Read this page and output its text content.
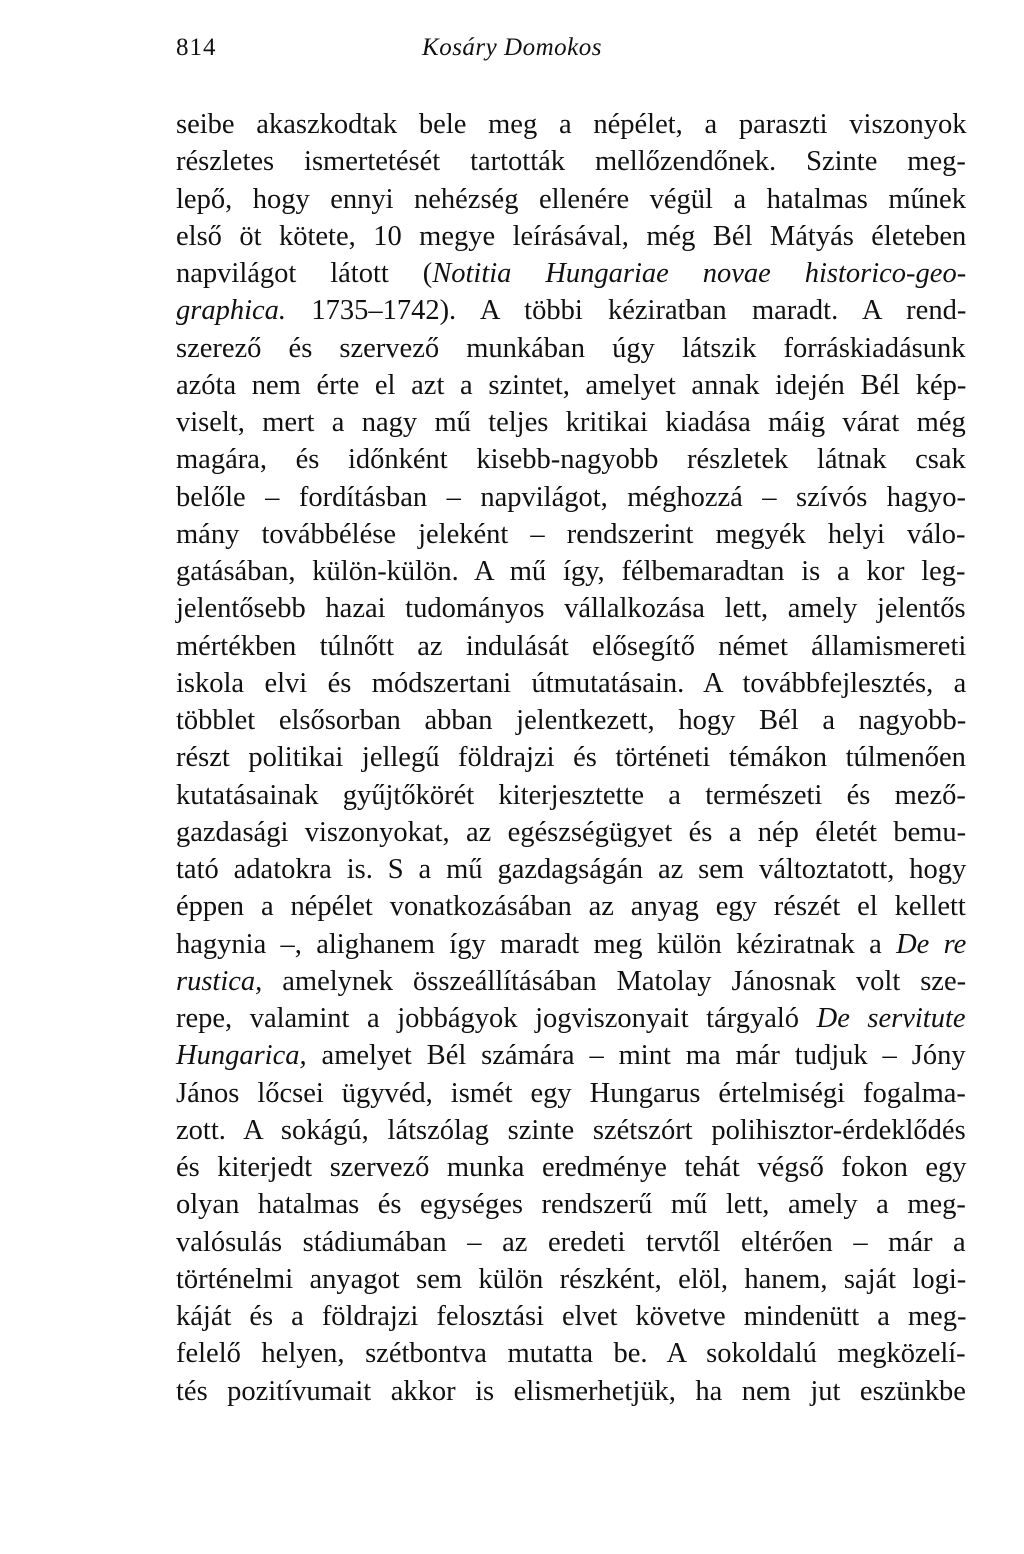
814	Kosáry Domokos
seibe akaszkodtak bele meg a népélet, a paraszti viszonyok
részletes ismertetését tartották mellőzendőnek. Szinte meg-
lepő, hogy ennyi nehézség ellenére végül a hatalmas műnek
első öt kötete, 10 megye leírásával, még Bél Mátyás életeben
napvilágot látott (Notitia Hungariae novae historico-geo-
graphica. 1735–1742). A többi kéziratban maradt. A rend-
szerező és szervező munkában úgy látszik forráskiadásunk
azóta nem érte el azt a szintet, amelyet annak idején Bél kép-
viselt, mert a nagy mű teljes kritikai kiadása máig várat még
magára, és időnként kisebb-nagyobb részletek látnak csak
belőle – fordításban – napvilágot, méghozzá – szívós hagyo-
mány továbbélése jeleként – rendszerint megyék helyi válo-
gatásában, külön-külön. A mű így, félbemaradtan is a kor leg-
jelentősebb hazai tudományos vállalkozása lett, amely jelentős
mértékben túlnőtt az indulását elősegítő német államismereti
iskola elvi és módszertani útmutatásain. A továbbfejlesztés, a
többlet elsősorban abban jelentkezett, hogy Bél a nagyobb-
részt politikai jellegű földrajzi és történeti témákon túlmenően
kutatásainak gyűjtőkörét kiterjesztette a természeti és mező-
gazdasági viszonyokat, az egészségügyet és a nép életét bemu-
tató adatokra is. S a mű gazdagságán az sem változtatott, hogy
éppen a népélet vonatkozásában az anyag egy részét el kellett
hagynia –, alighanem így maradt meg külön kéziratnak a De re
rustica, amelynek összeállításában Matolay Jánosnak volt sze-
repe, valamint a jobbágyok jogviszonyait tárgyaló De servitute
Hungarica, amelyet Bél számára – mint ma már tudjuk – Jóny
János lőcsei ügyvéd, ismét egy Hungarus értelmiségi fogalma-
zott. A sokágú, látszólag szinte szétszórt polihisztor-érdeklődés
és kiterjedt szervező munka eredménye tehát végső fokon egy
olyan hatalmas és egységes rendszerű mű lett, amely a meg-
valósulás stádiumában – az eredeti tervtől eltérően – már a
történelmi anyagot sem külön részként, elöl, hanem, saját logi-
káját és a földrajzi felosztási elvet követve mindenütt a meg-
felelő helyen, szétbontva mutatta be. A sokoldalú megközelí-
tés pozitívumait akkor is elismerhetjük, ha nem jut eszünkbe
